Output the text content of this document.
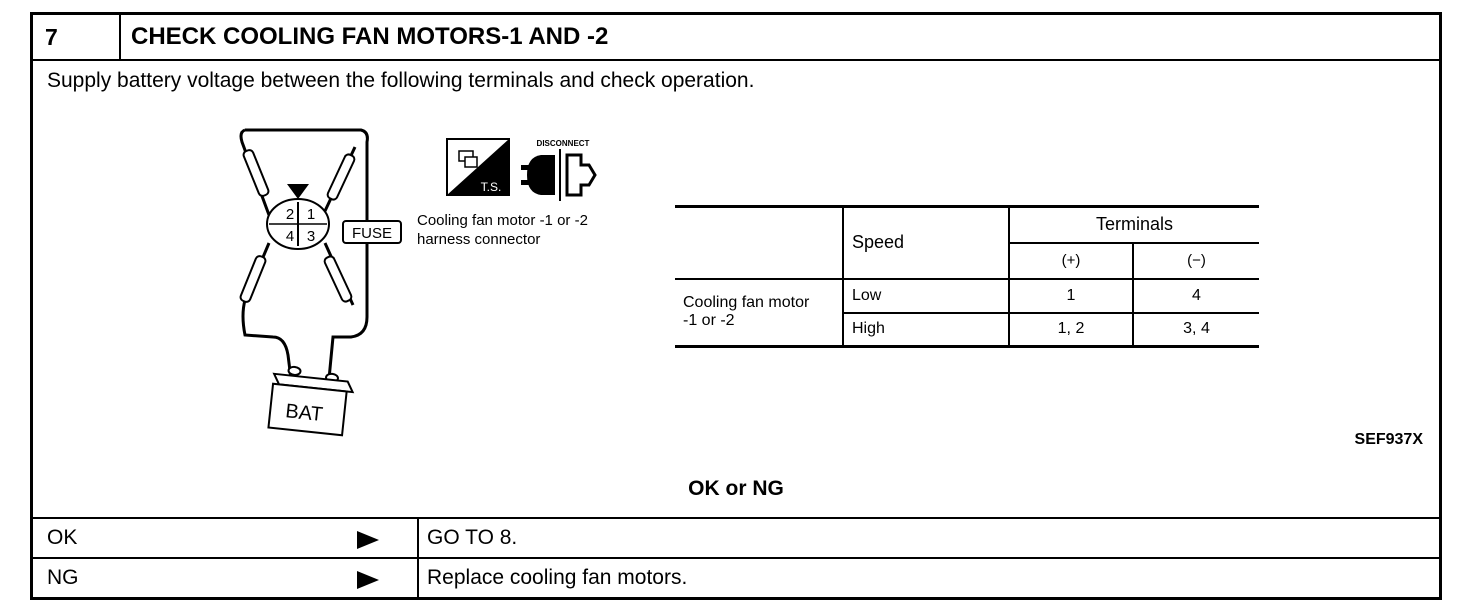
7	CHECK COOLING FAN MOTORS-1 AND -2
Supply battery voltage between the following terminals and check operation.
2 1
4 3 FUSE
BAT
T.S.
DISCONNECT
Cooling fan motor -1 or -2
harness connector
		Speed	Terminals	
		(+)	(−)

Cooling fan motor
-1 or -2	Low	1	4
	High	1, 2	3, 4
SEF937X
OK or NG
OK	GO TO 8.
NG	Replace cooling fan motors.
